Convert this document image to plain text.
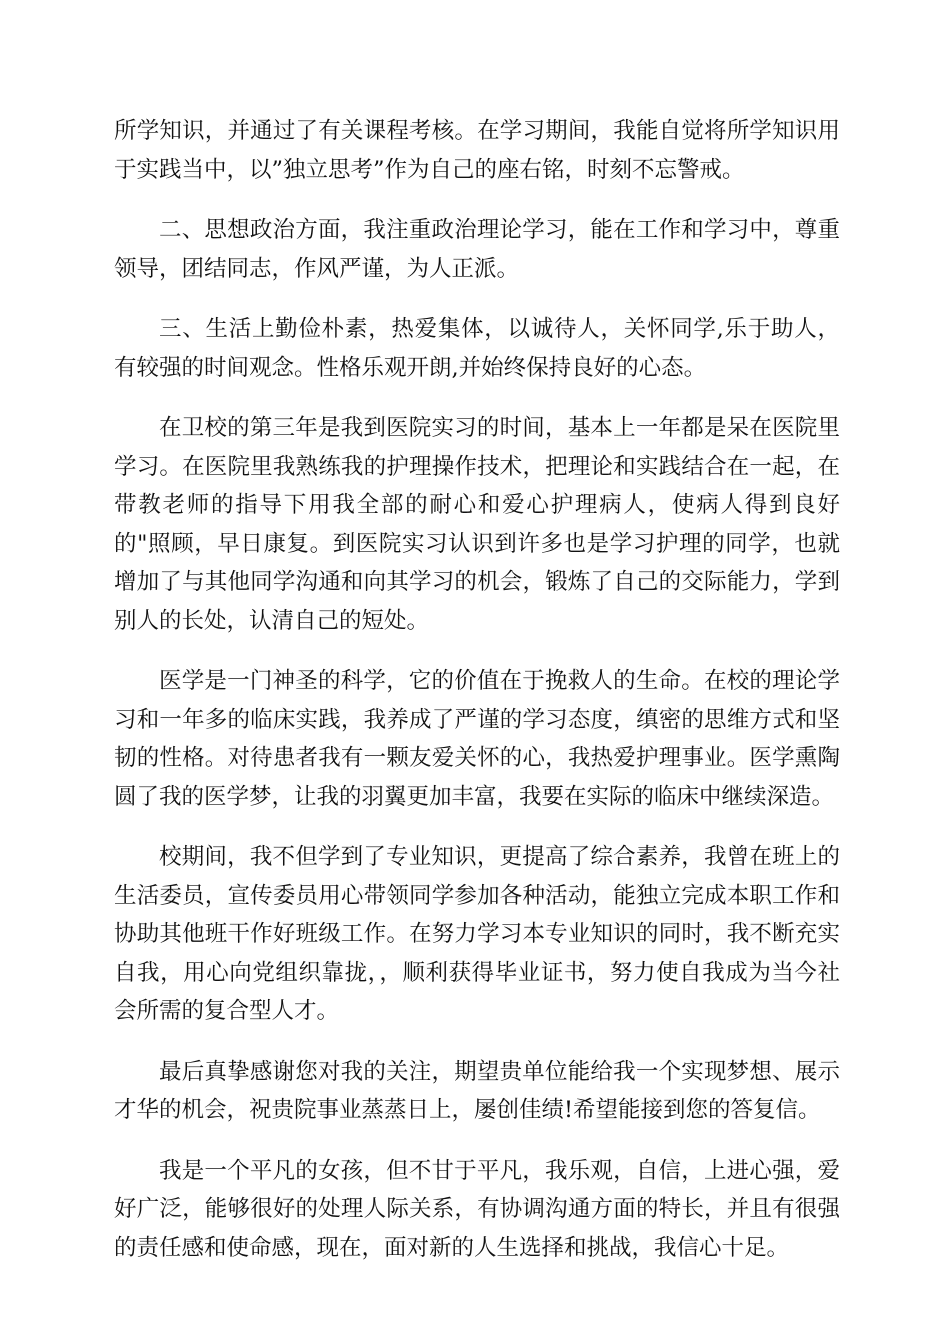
所学知识，并通过了有关课程考核。在学习期间，我能自觉将所学知识用
于实践当中，以”独立思考”作为自己的座右铭，时刻不忘警戒。
二、思想政治方面，我注重政治理论学习，能在工作和学习中，尊重
领导，团结同志，作风严谨，为人正派。
三、生活上勤俭朴素，热爱集体，以诚待人，关怀同学,乐于助人，
有较强的时间观念。性格乐观开朗,并始终保持良好的心态。
在卫校的第三年是我到医院实习的时间，基本上一年都是呆在医院里
学习。在医院里我熟练我的护理操作技术，把理论和实践结合在一起，在
带教老师的指导下用我全部的耐心和爱心护理病人，使病人得到良好
的"照顾，早日康复。到医院实习认识到许多也是学习护理的同学，也就
增加了与其他同学沟通和向其学习的机会，锻炼了自己的交际能力，学到
别人的长处，认清自己的短处。
医学是一门神圣的科学，它的价值在于挽救人的生命。在校的理论学
习和一年多的临床实践，我养成了严谨的学习态度，缜密的思维方式和坚
韧的性格。对待患者我有一颗友爱关怀的心，我热爱护理事业。医学熏陶
圆了我的医学梦，让我的羽翼更加丰富，我要在实际的临床中继续深造。
校期间，我不但学到了专业知识，更提高了综合素养，我曾在班上的
生活委员，宣传委员用心带领同学参加各种活动，能独立完成本职工作和
协助其他班干作好班级工作。在努力学习本专业知识的同时，我不断充实
自我，用心向党组织靠拢，，顺利获得毕业证书，努力使自我成为当今社
会所需的复合型人才。
最后真挚感谢您对我的关注，期望贵单位能给我一个实现梦想、展示
才华的机会，祝贵院事业蒸蒸日上，屡创佳绩!希望能接到您的答复信。
我是一个平凡的女孩，但不甘于平凡，我乐观，自信，上进心强，爱
好广泛，能够很好的处理人际关系，有协调沟通方面的特长，并且有很强
的责任感和使命感，现在，面对新的人生选择和挑战，我信心十足。
